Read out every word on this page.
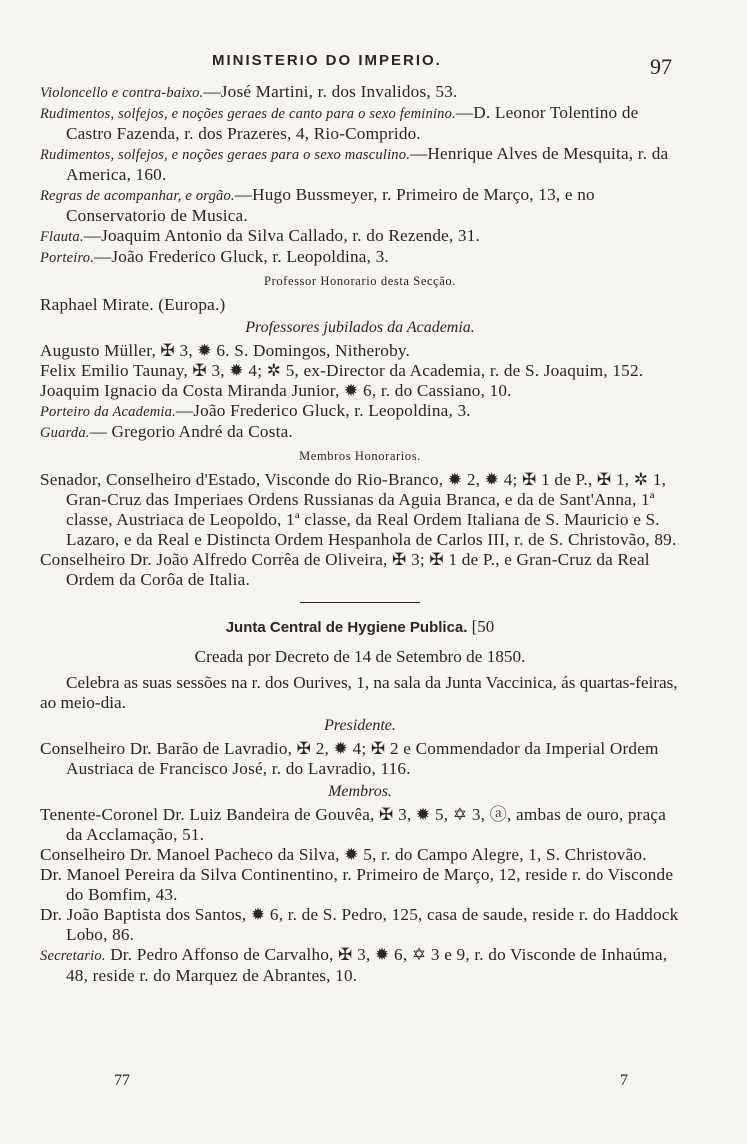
MINISTERIO DO IMPERIO.	97

Violoncello e contra-baixo.—José Martini, r. dos Invalidos, 53.

Rudimentos, solfejos, e noções geraes de canto para o sexo feminino.—D. Leonor Tolentino de Castro Fazenda, r. dos Prazeres, 4, Rio-Comprido.

Rudimentos, solfejos, e noções geraes para o sexo masculino.—Henrique Alves de Mesquita, r. da America, 160.

Regras de acompanhar, e orgão.—Hugo Bussmeyer, r. Primeiro de Março, 13, e no Conservatorio de Musica.

Flauta.—Joaquim Antonio da Silva Callado, r. do Rezende, 31.

Porteiro.—João Frederico Gluck, r. Leopoldina, 3.

Professor Honorario desta Secção.

Raphael Mirate. (Europa.)

Professores jubilados da Academia.

Augusto Müller, ✠ 3, ✹ 6. S. Domingos, Nitheroby.

Felix Emilio Taunay, ✠ 3, ✹ 4; ✲ 5, ex-Director da Academia, r. de S. Joaquim, 152.

Joaquim Ignacio da Costa Miranda Junior, ✹ 6, r. do Cassiano, 10.

Porteiro da Academia.—João Frederico Gluck, r. Leopoldina, 3.

Guarda.— Gregorio André da Costa.

Membros Honorarios.

Senador, Conselheiro d'Estado, Visconde do Rio-Branco, ✹ 2, ✹ 4; ✠ 1 de P., ✠ 1, ✲ 1, Gran-Cruz das Imperiaes Ordens Russianas da Aguia Branca, e da de Sant'Anna, 1ª classe, Austriaca de Leopoldo, 1ª classe, da Real Ordem Italiana de S. Mauricio e S. Lazaro, e da Real e Distincta Ordem Hespanhola de Carlos III, r. de S. Christovão, 89.

Conselheiro Dr. João Alfredo Corrêa de Oliveira, ✠ 3; ✠ 1 de P., e Gran-Cruz da Real Ordem da Corôa de Italia.

Junta Central de Hygiene Publica. [50

Creada por Decreto de 14 de Setembro de 1850.

Celebra as suas sessões na r. dos Ourives, 1, na sala da Junta Vaccinica, ás quartas-feiras, ao meio-dia.

Presidente.

Conselheiro Dr. Barão de Lavradio, ✠ 2, ✹ 4; ✠ 2 e Commendador da Imperial Ordem Austriaca de Francisco José, r. do Lavradio, 116.

Membros.

Tenente-Coronel Dr. Luiz Bandeira de Gouvêa, ✠ 3, ✹ 5, ✡ 3, ⓐ, ambas de ouro, praça da Acclamação, 51.

Conselheiro Dr. Manoel Pacheco da Silva, ✹ 5, r. do Campo Alegre, 1, S. Christovão.

Dr. Manoel Pereira da Silva Continentino, r. Primeiro de Março, 12, reside r. do Visconde do Bomfim, 43.

Dr. João Baptista dos Santos, ✹ 6, r. de S. Pedro, 125, casa de saude, reside r. do Haddock Lobo, 86.

Secretario. Dr. Pedro Affonso de Carvalho, ✠ 3, ✹ 6, ✡ 3 e 9, r. do Visconde de Inhaúma, 48, reside r. do Marquez de Abrantes, 10.

77	7
